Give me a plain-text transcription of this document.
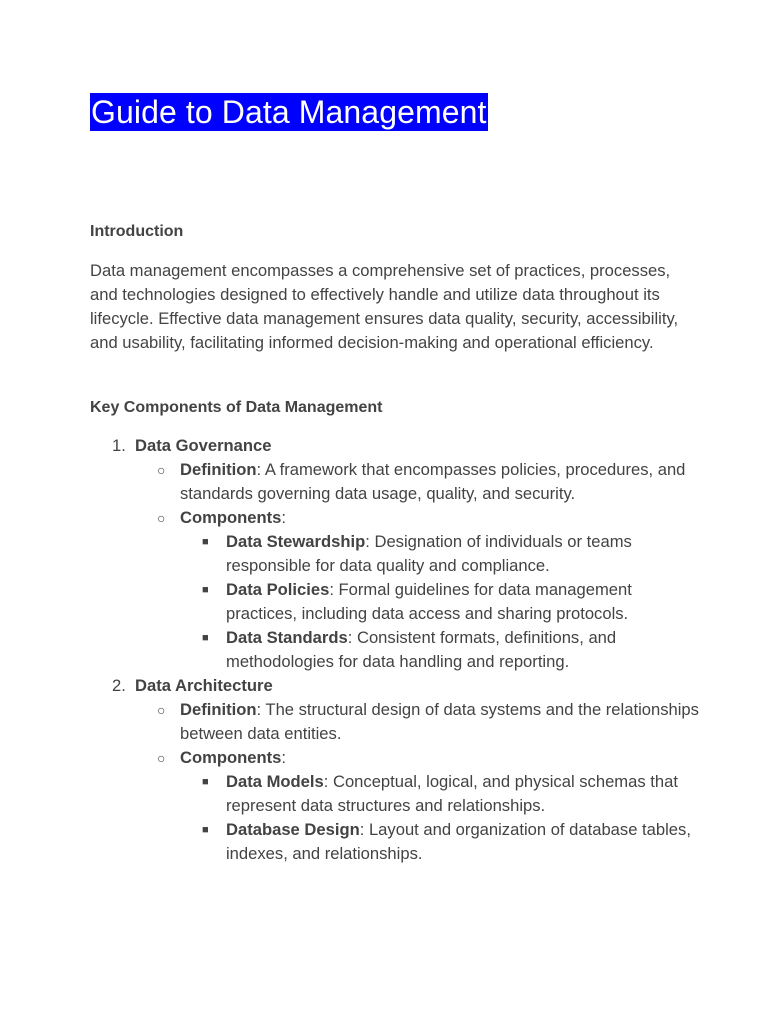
Guide to Data Management
Introduction

Data management encompasses a comprehensive set of practices, processes, and technologies designed to effectively handle and utilize data throughout its lifecycle. Effective data management ensures data quality, security, accessibility, and usability, facilitating informed decision-making and operational efficiency.

Key Components of Data Management
1. Data Governance
○ Definition: A framework that encompasses policies, procedures, and standards governing data usage, quality, and security.
○ Components:
■ Data Stewardship: Designation of individuals or teams responsible for data quality and compliance.
■ Data Policies: Formal guidelines for data management practices, including data access and sharing protocols.
■ Data Standards: Consistent formats, definitions, and methodologies for data handling and reporting.
2. Data Architecture
○ Definition: The structural design of data systems and the relationships between data entities.
○ Components:
■ Data Models: Conceptual, logical, and physical schemas that represent data structures and relationships.
■ Database Design: Layout and organization of database tables, indexes, and relationships.
